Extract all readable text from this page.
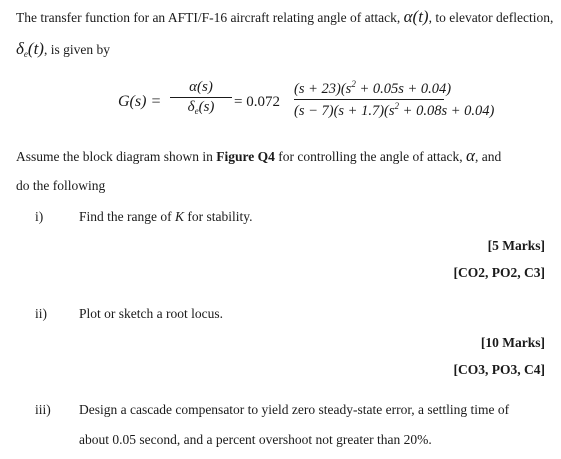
The transfer function for an AFTI/F-16 aircraft relating angle of attack, α(t), to elevator deflection,
$\delta_e(t)$, is given by
G(s) =
α(s)
$\delta_e(s)$	= 0.072
$(s + 23)(s^2 + 0.05s + 0.04)$
$(s - 7)(s + 1.7)(s^2 + 0.08s + 0.04)$
Assume the block diagram shown in Figure Q4 for controlling the angle of attack, α, and
do the following
i)	Find the range of K for stability.
[5 Marks]
[CO2, PO2, C3]
ii) Plot or sketch a root locus.
[10 Marks]
[CO3, PO3, C4]
iii) Design a cascade compensator to yield zero steady-state error, a settling time of
about 0.05 second, and a percent overshoot not greater than 20%.
